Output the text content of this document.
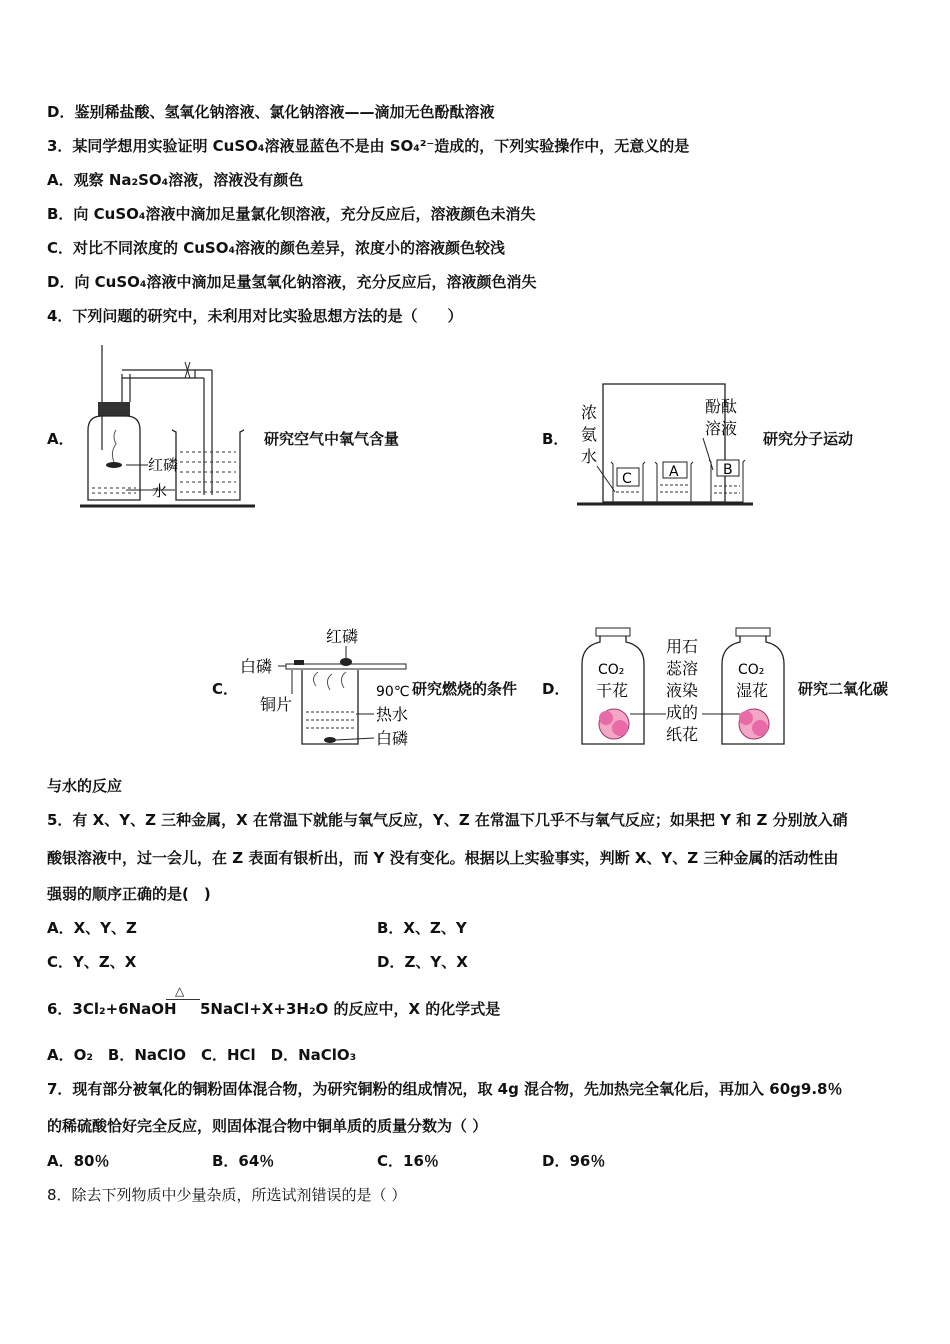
D．鉴别稀盐酸、氢氧化钠溶液、氯化钠溶液——滴加无色酚酞溶液
3．某同学想用实验证明 CuSO₄溶液显蓝色不是由 SO₄²⁻造成的，下列实验操作中，无意义的是
A．观察 Na₂SO₄溶液，溶液没有颜色
B．向 CuSO₄溶液中滴加足量氯化钡溶液，充分反应后，溶液颜色未消失
C．对比不同浓度的 CuSO₄溶液的颜色差异，浓度小的溶液颜色较浅
D．向 CuSO₄溶液中滴加足量氢氧化钠溶液，充分反应后，溶液颜色消失
4．下列问题的研究中，未利用对比实验思想方法的是（　　）
A．
红磷
水
研究空气中氧气含量	B．
浓
氨
水
酚酞
溶液
C	A	B
研究分子运动
C．
红磷
白磷
铜片
90℃
热水
白磷
研究燃烧的条件 D．
CO₂
干花
用石
蕊溶
液染
成的
纸花
CO₂
湿花 研究二氧化碳
与水的反应
5．有 X、Y、Z 三种金属，X 在常温下就能与氧气反应，Y、Z 在常温下几乎不与氧气反应；如果把 Y 和 Z 分别放入硝
酸银溶液中，过一会儿，在 Z 表面有银析出，而 Y 没有变化。根据以上实验事实，判断 X、Y、Z 三种金属的活动性由
强弱的顺序正确的是(　)
A．X、Y、Z	B．X、Z、Y
C．Y、Z、X	D．Z、Y、X
6．3Cl₂+6NaOH
△
5NaCl+X+3H₂O 的反应中，X 的化学式是
A．O₂　B．NaClO　C．HCl　D．NaClO₃
7．现有部分被氧化的铜粉固体混合物，为研究铜粉的组成情况，取 4g 混合物，先加热完全氧化后，再加入 60g9.8％
的稀硫酸恰好完全反应，则固体混合物中铜单质的质量分数为（ ）
A．80％	B．64％	C．16％	D．96％
8．除去下列物质中少量杂质，所选试剂错误的是（ ）
